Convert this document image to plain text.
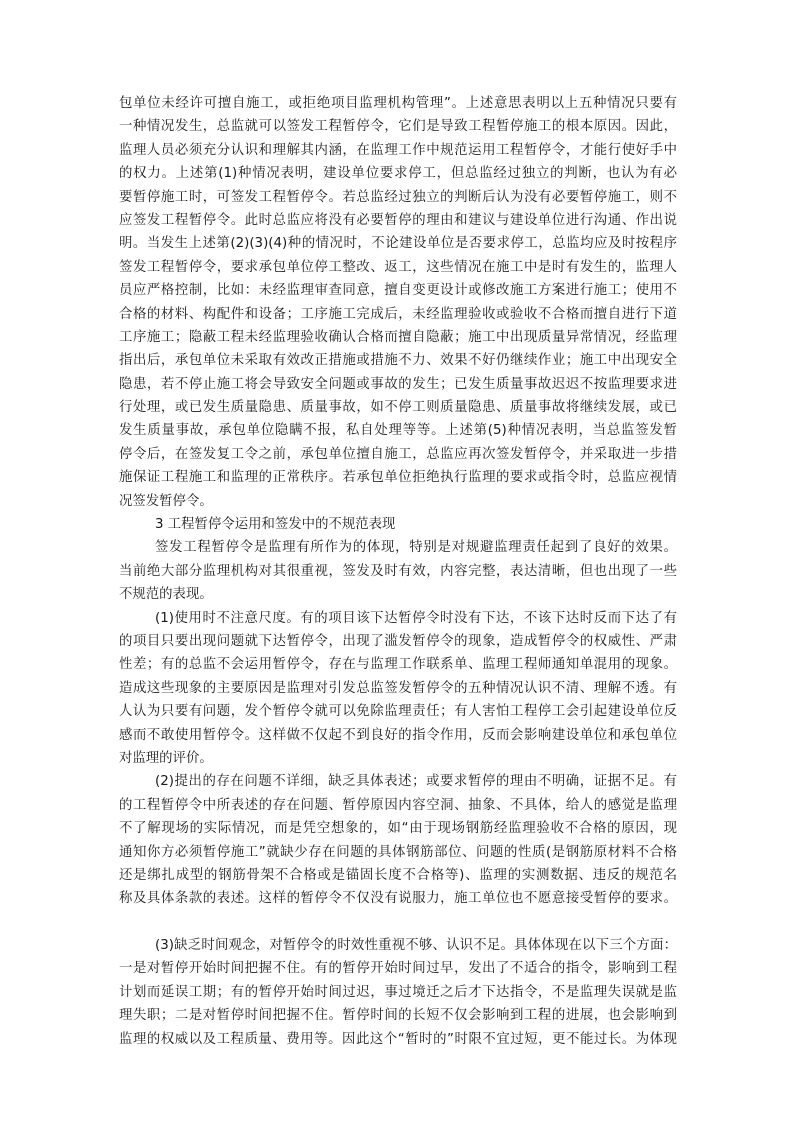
包单位未经许可擅自施工，或拒绝项目监理机构管理”。上述意思表明以上五种情况只要有
一种情况发生，总监就可以签发工程暂停令，它们是导致工程暂停施工的根本原因。因此，
监理人员必须充分认识和理解其内涵，在监理工作中规范运用工程暂停令，才能行使好手中
的权力。上述第(1)种情况表明，建设单位要求停工，但总监经过独立的判断，也认为有必
要暂停施工时，可签发工程暂停令。若总监经过独立的判断后认为没有必要暂停施工，则不
应签发工程暂停令。此时总监应将没有必要暂停的理由和建议与建设单位进行沟通、作出说
明。当发生上述第(2)(3)(4)种的情况时，不论建设单位是否要求停工，总监均应及时按程序
签发工程暂停令，要求承包单位停工整改、返工，这些情况在施工中是时有发生的，监理人
员应严格控制，比如：未经监理审查同意，擅自变更设计或修改施工方案进行施工；使用不
合格的材料、构配件和设备；工序施工完成后，未经监理验收或验收不合格而擅自进行下道
工序施工；隐蔽工程未经监理验收确认合格而擅自隐蔽；施工中出现质量异常情况，经监理
指出后，承包单位未采取有效改正措施或措施不力、效果不好仍继续作业；施工中出现安全
隐患，若不停止施工将会导致安全问题或事故的发生；已发生质量事故迟迟不按监理要求进
行处理，或已发生质量隐患、质量事故，如不停工则质量隐患、质量事故将继续发展，或已
发生质量事故，承包单位隐瞒不报，私自处理等等。上述第(5)种情况表明，当总监签发暂
停令后，在签发复工令之前，承包单位擅自施工，总监应再次签发暂停令，并采取进一步措
施保证工程施工和监理的正常秩序。若承包单位拒绝执行监理的要求或指令时，总监应视情
况签发暂停令。
3 工程暂停令运用和签发中的不规范表现
签发工程暂停令是监理有所作为的体现，特别是对规避监理责任起到了良好的效果。
当前绝大部分监理机构对其很重视，签发及时有效，内容完整，表达清晰，但也出现了一些
不规范的表现。
(1)使用时不注意尺度。有的项目该下达暂停令时没有下达，不该下达时反而下达了有
的项目只要出现问题就下达暂停令，出现了滥发暂停令的现象，造成暂停令的权威性、严肃
性差；有的总监不会运用暂停令，存在与监理工作联系单、监理工程师通知单混用的现象。
造成这些现象的主要原因是监理对引发总监签发暂停令的五种情况认识不清、理解不透。有
人认为只要有问题，发个暂停令就可以免除监理责任；有人害怕工程停工会引起建设单位反
感而不敢使用暂停令。这样做不仅起不到良好的指令作用，反而会影响建设单位和承包单位
对监理的评价。
(2)提出的存在问题不详细，缺乏具体表述；或要求暂停的理由不明确，证据不足。有
的工程暂停令中所表述的存在问题、暂停原因内容空洞、抽象、不具体，给人的感觉是监理
不了解现场的实际情况，而是凭空想象的，如“由于现场钢筋经监理验收不合格的原因，现
通知你方必须暂停施工”就缺少存在问题的具体钢筋部位、问题的性质(是钢筋原材料不合格
还是绑扎成型的钢筋骨架不合格或是锚固长度不合格等)、监理的实测数据、违反的规范名
称及具体条款的表述。这样的暂停令不仅没有说服力，施工单位也不愿意接受暂停的要求。
(3)缺乏时间观念，对暂停令的时效性重视不够、认识不足。具体体现在以下三个方面：
一是对暂停开始时间把握不住。有的暂停开始时间过早，发出了不适合的指令，影响到工程
计划而延误工期；有的暂停开始时间过迟，事过境迁之后才下达指令，不是监理失误就是监
理失职；二是对暂停时间把握不住。暂停时间的长短不仅会影响到工程的进展，也会影响到
监理的权威以及工程质量、费用等。因此这个“暂时的”时限不宜过短，更不能过长。为体现
